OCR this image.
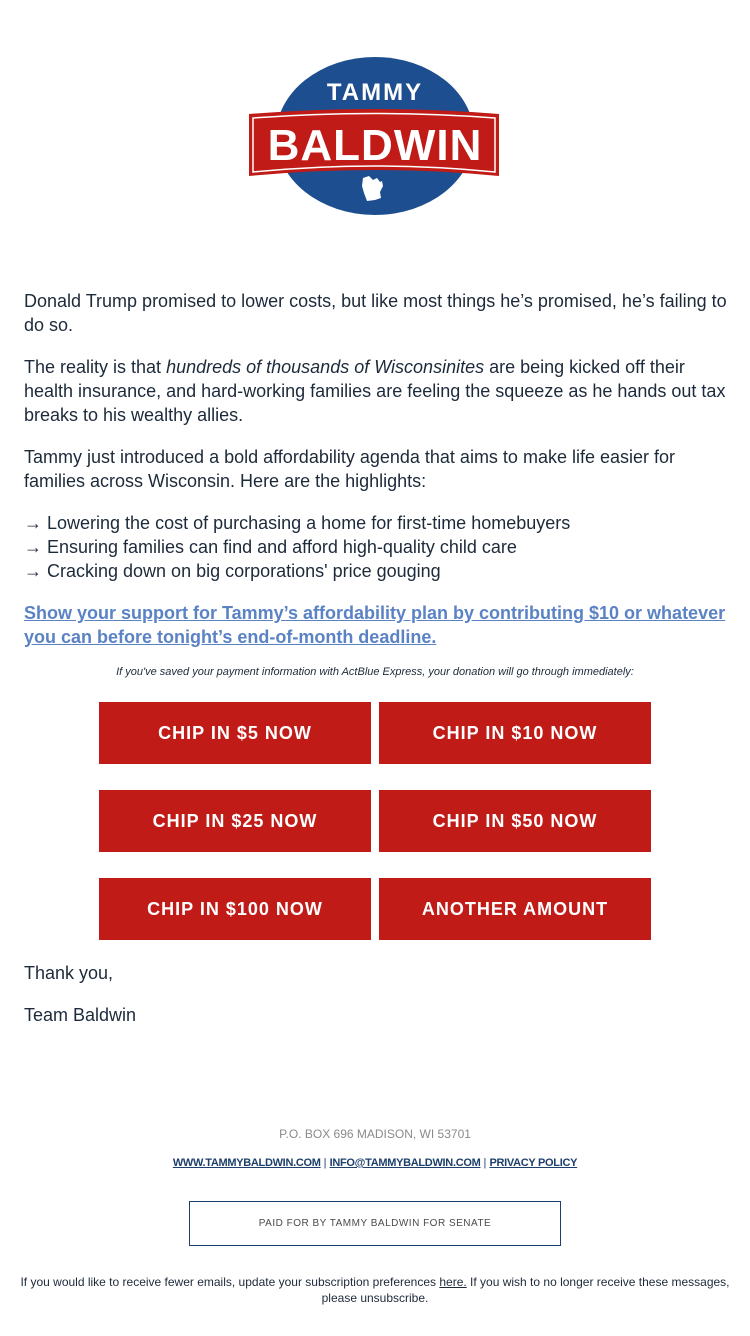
TAMMY
BALDWIN

Donald Trump promised to lower costs, but like most things he’s promised, he’s failing to do so.

The reality is that hundreds of thousands of Wisconsinites are being kicked off their health insurance, and hard-working families are feeling the squeeze as he hands out tax breaks to his wealthy allies.

Tammy just introduced a bold affordability agenda that aims to make life easier for families across Wisconsin. Here are the highlights:

→ Lowering the cost of purchasing a home for first-time homebuyers
→ Ensuring families can find and afford high-quality child care
→ Cracking down on big corporations' price gouging
Show your support for Tammy’s affordability plan by contributing $10 or whatever you can before tonight’s end-of-month deadline.
If you've saved your payment information with ActBlue Express, your donation will go through immediately:
CHIP IN $5 NOW	CHIP IN $10 NOW
CHIP IN $25 NOW	CHIP IN $50 NOW
CHIP IN $100 NOW	ANOTHER AMOUNT
Thank you,
Team Baldwin
P.O. BOX 696 MADISON, WI 53701
WWW.TAMMYBALDWIN.COM | INFO@TAMMYBALDWIN.COM | PRIVACY POLICY
PAID FOR BY TAMMY BALDWIN FOR SENATE
If you would like to receive fewer emails, update your subscription preferences here. If you wish to no longer receive these messages, please unsubscribe.
